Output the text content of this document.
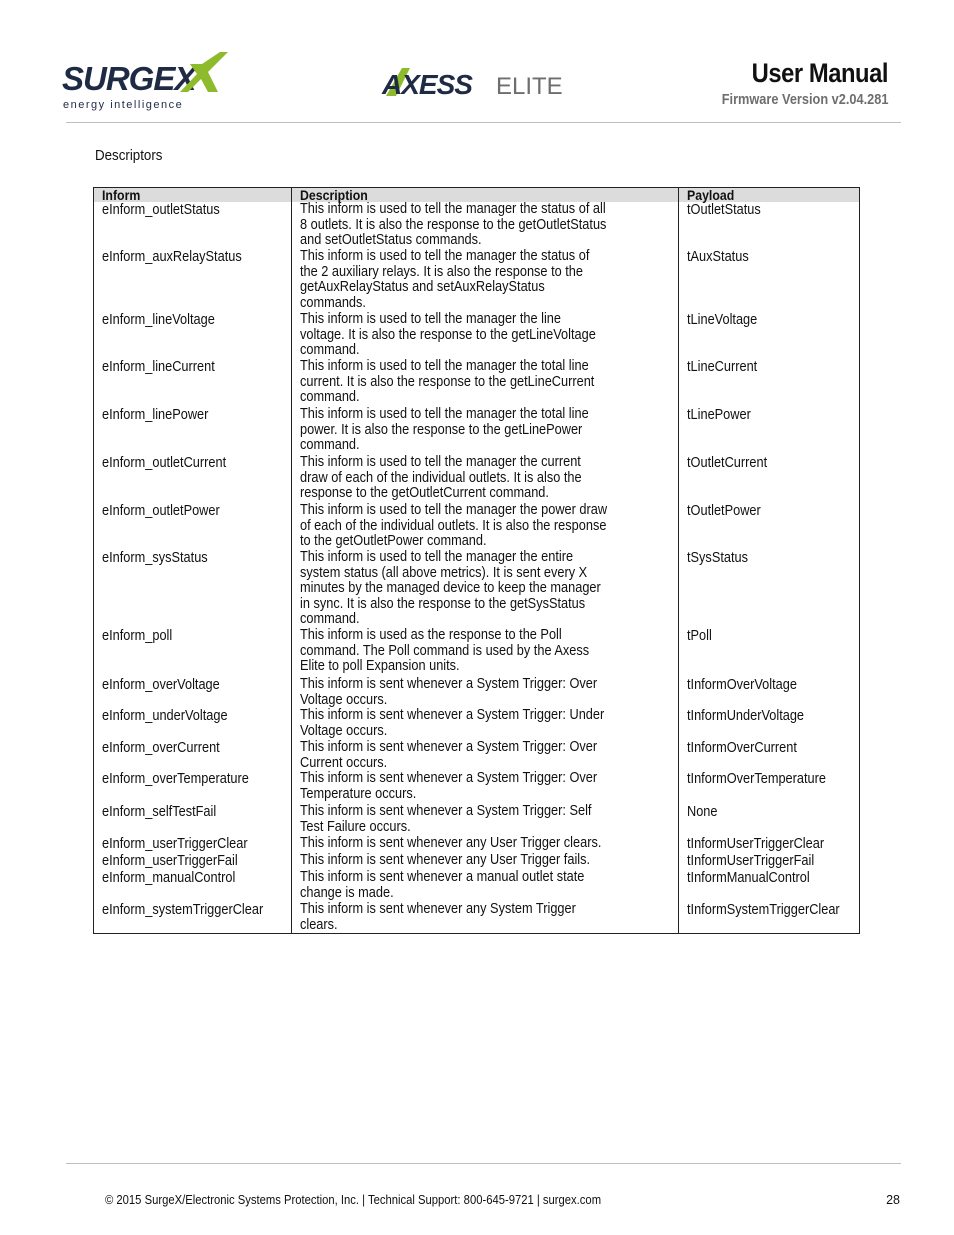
SURGEX
energy intelligence
AXESS ELITE	User Manual
Firmware Version v2.04.281
Descriptors
Inform	Description	Payload
eInform_outletStatus	This inform is used to tell the manager the status of all 8 outlets. It is also the response to the getOutletStatus and setOutletStatus commands.	tOutletStatus
eInform_auxRelayStatus	This inform is used to tell the manager the status of the 2 auxiliary relays. It is also the response to the getAuxRelayStatus and setAuxRelayStatus commands.	tAuxStatus
eInform_lineVoltage	This inform is used to tell the manager the line voltage. It is also the response to the getLineVoltage command.	tLineVoltage
eInform_lineCurrent	This inform is used to tell the manager the total line current. It is also the response to the getLineCurrent command.	tLineCurrent
eInform_linePower	This inform is used to tell the manager the total line power. It is also the response to the getLinePower command.	tLinePower
eInform_outletCurrent	This inform is used to tell the manager the current draw of each of the individual outlets. It is also the response to the getOutletCurrent command.	tOutletCurrent
eInform_outletPower	This inform is used to tell the manager the power draw of each of the individual outlets. It is also the response to the getOutletPower command.	tOutletPower
eInform_sysStatus	This inform is used to tell the manager the entire system status (all above metrics). It is sent every X minutes by the managed device to keep the manager in sync. It is also the response to the getSysStatus command.	tSysStatus
eInform_poll	This inform is used as the response to the Poll command. The Poll command is used by the Axess Elite to poll Expansion units.	tPoll
eInform_overVoltage	This inform is sent whenever a System Trigger: Over Voltage occurs.	tInformOverVoltage
eInform_underVoltage	This inform is sent whenever a System Trigger: Under Voltage occurs.	tInformUnderVoltage
eInform_overCurrent	This inform is sent whenever a System Trigger: Over Current occurs.	tInformOverCurrent
eInform_overTemperature	This inform is sent whenever a System Trigger: Over Temperature occurs.	tInformOverTemperature
eInform_selfTestFail	This inform is sent whenever a System Trigger: Self Test Failure occurs.	None
eInform_userTriggerClear	This inform is sent whenever any User Trigger clears.	tInformUserTriggerClear
eInform_userTriggerFail	This inform is sent whenever any User Trigger fails.	tInformUserTriggerFail
eInform_manualControl	This inform is sent whenever a manual outlet state change is made.	tInformManualControl
eInform_systemTriggerClear	This inform is sent whenever any System Trigger clears.	tInformSystemTriggerClear
© 2015 SurgeX/Electronic Systems Protection, Inc. | Technical Support: 800-645-9721 | surgex.com	28
